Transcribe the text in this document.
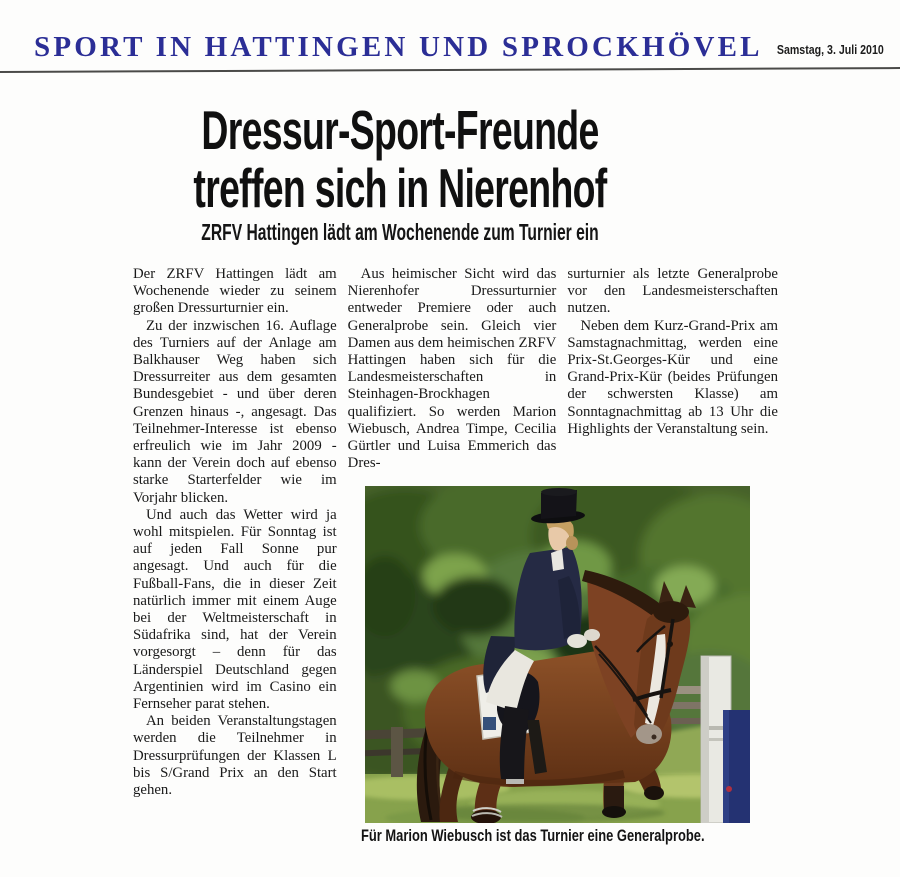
SPORT IN HATTINGEN UND SPROCKHÖVEL Samstag, 3. Juli 2010
Dressur-Sport-Freunde
treffen sich in Nierenhof
ZRFV Hattingen lädt am Wochenende zum Turnier ein

Der ZRFV Hattingen lädt am Wochenende wieder zu seinem großen Dressurturnier ein.

Zu der inzwischen 16. Auflage des Turniers auf der Anlage am Balkhauser Weg haben sich Dressurreiter aus dem gesamten Bundesgebiet - und über deren Grenzen hinaus -, angesagt. Das Teilnehmer-Interesse ist ebenso erfreulich wie im Jahr 2009 - kann der Verein doch auf ebenso starke Starterfelder wie im Vorjahr blicken.

Und auch das Wetter wird ja wohl mitspielen. Für Sonntag ist auf jeden Fall Sonne pur angesagt. Und auch für die Fußball-Fans, die in dieser Zeit natürlich immer mit einem Auge bei der Weltmeisterschaft in Südafrika sind, hat der Verein vorgesorgt – denn für das Länderspiel Deutschland gegen Argentinien wird im Casino ein Fernseher parat stehen.

An beiden Veranstaltungstagen werden die Teilnehmer in Dressurprüfungen der Klassen L bis S/Grand Prix an den Start gehen.

Aus heimischer Sicht wird das Nierenhofer Dressurturnier entweder Premiere oder auch Generalprobe sein. Gleich vier Damen aus dem heimischen ZRFV Hattingen haben sich für die Landesmeisterschaften in Steinhagen-Brockhagen qualifiziert. So werden Marion Wiebusch, Andrea Timpe, Cecilia Gürtler und Luisa Emmerich das Dres-

surturnier als letzte Generalprobe vor den Landesmeisterschaften nutzen.

Neben dem Kurz-Grand-Prix am Samstagnachmittag, werden eine Prix-St.Georges-Kür und eine Grand-Prix-Kür (beides Prüfungen der schwersten Klasse) am Sonntagnachmittag ab 13 Uhr die Highlights der Veranstaltung sein.

Für Marion Wiebusch ist das Turnier eine Generalprobe.
